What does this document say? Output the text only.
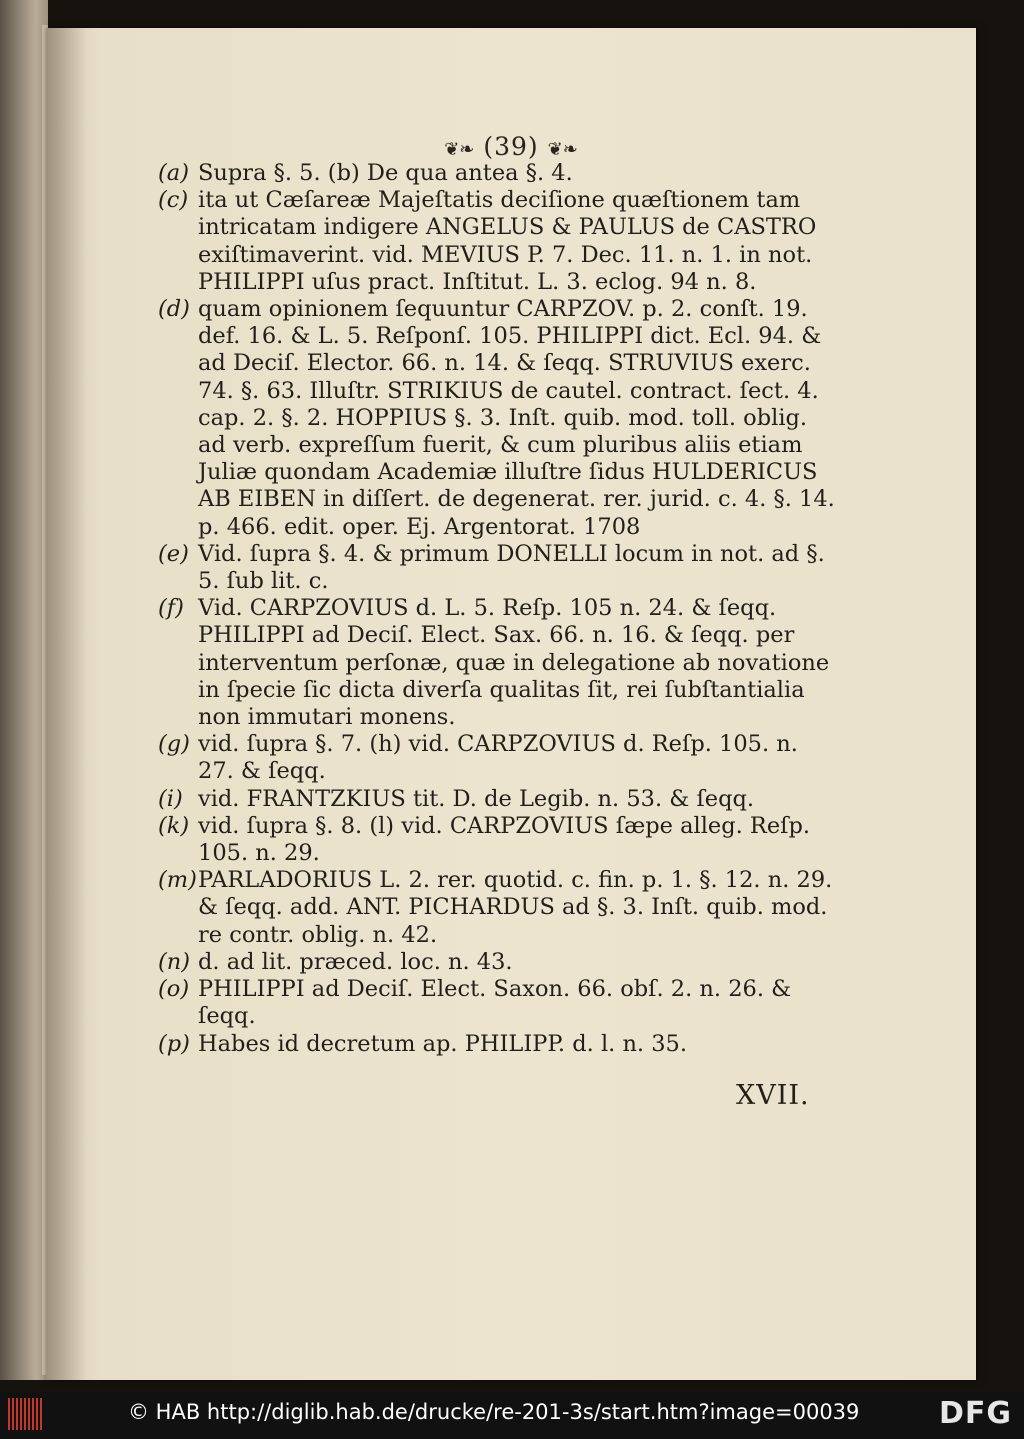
❦❧ (39) ❦❧
(a) Supra §. 5. (b) De qua antea §. 4.
(c) ita ut Cæſareæ Majeſtatis deciſione quæſtionem tam intricatam indigere ANGELUS & PAULUS de CASTRO exiſtimaverint. vid. MEVIUS P. 7. Dec. 11. n. 1. in not. PHILIPPI uſus pract. Inſtitut. L. 3. eclog. 94 n. 8.
(d) quam opinionem ſequuntur CARPZOV. p. 2. conſt. 19. def. 16. & L. 5. Reſponſ. 105. PHILIPPI dict. Ecl. 94. & ad Deciſ. Elector. 66. n. 14. & ſeqq. STRUVIUS exerc. 74. §. 63. Illuſtr. STRIKIUS de cautel. contract. ſect. 4. cap. 2. §. 2. HOPPIUS §. 3. Inſt. quib. mod. toll. oblig. ad verb. expreſſum fuerit, & cum pluribus aliis etiam Juliæ quondam Academiæ illuſtre ſidus HULDERICUS AB EIBEN in diſſert. de degenerat. rer. jurid. c. 4. §. 14. p. 466. edit. oper. Ej. Argentorat. 1708
(e) Vid. ſupra §. 4. & primum DONELLI locum in not. ad §. 5. ſub lit. c.
(f) Vid. CARPZOVIUS d. L. 5. Reſp. 105 n. 24. & ſeqq. PHILIPPI ad Deciſ. Elect. Sax. 66. n. 16. & ſeqq. per interventum perſonæ, quæ in delegatione ab novatione in ſpecie ſic dicta diverſa qualitas ſit, rei ſubſtantialia non immutari monens.
(g) vid. ſupra §. 7. (h) vid. CARPZOVIUS d. Reſp. 105. n. 27. & ſeqq.
(i) vid. FRANTZKIUS tit. D. de Legib. n. 53. & ſeqq.
(k) vid. ſupra §. 8. (l) vid. CARPZOVIUS ſæpe alleg. Reſp. 105. n. 29.
(m) PARLADORIUS L. 2. rer. quotid. c. fin. p. 1. §. 12. n. 29. & ſeqq. add. ANT. PICHARDUS ad §. 3. Inſt. quib. mod. re contr. oblig. n. 42.
(n) d. ad lit. præced. loc. n. 43.
(o) PHILIPPI ad Deciſ. Elect. Saxon. 66. obſ. 2. n. 26. & ſeqq.
(p) Habes id decretum ap. PHILIPP. d. l. n. 35.
XVII.
© HAB http://diglib.hab.de/drucke/re-201-3s/start.htm?image=00039	DFG
